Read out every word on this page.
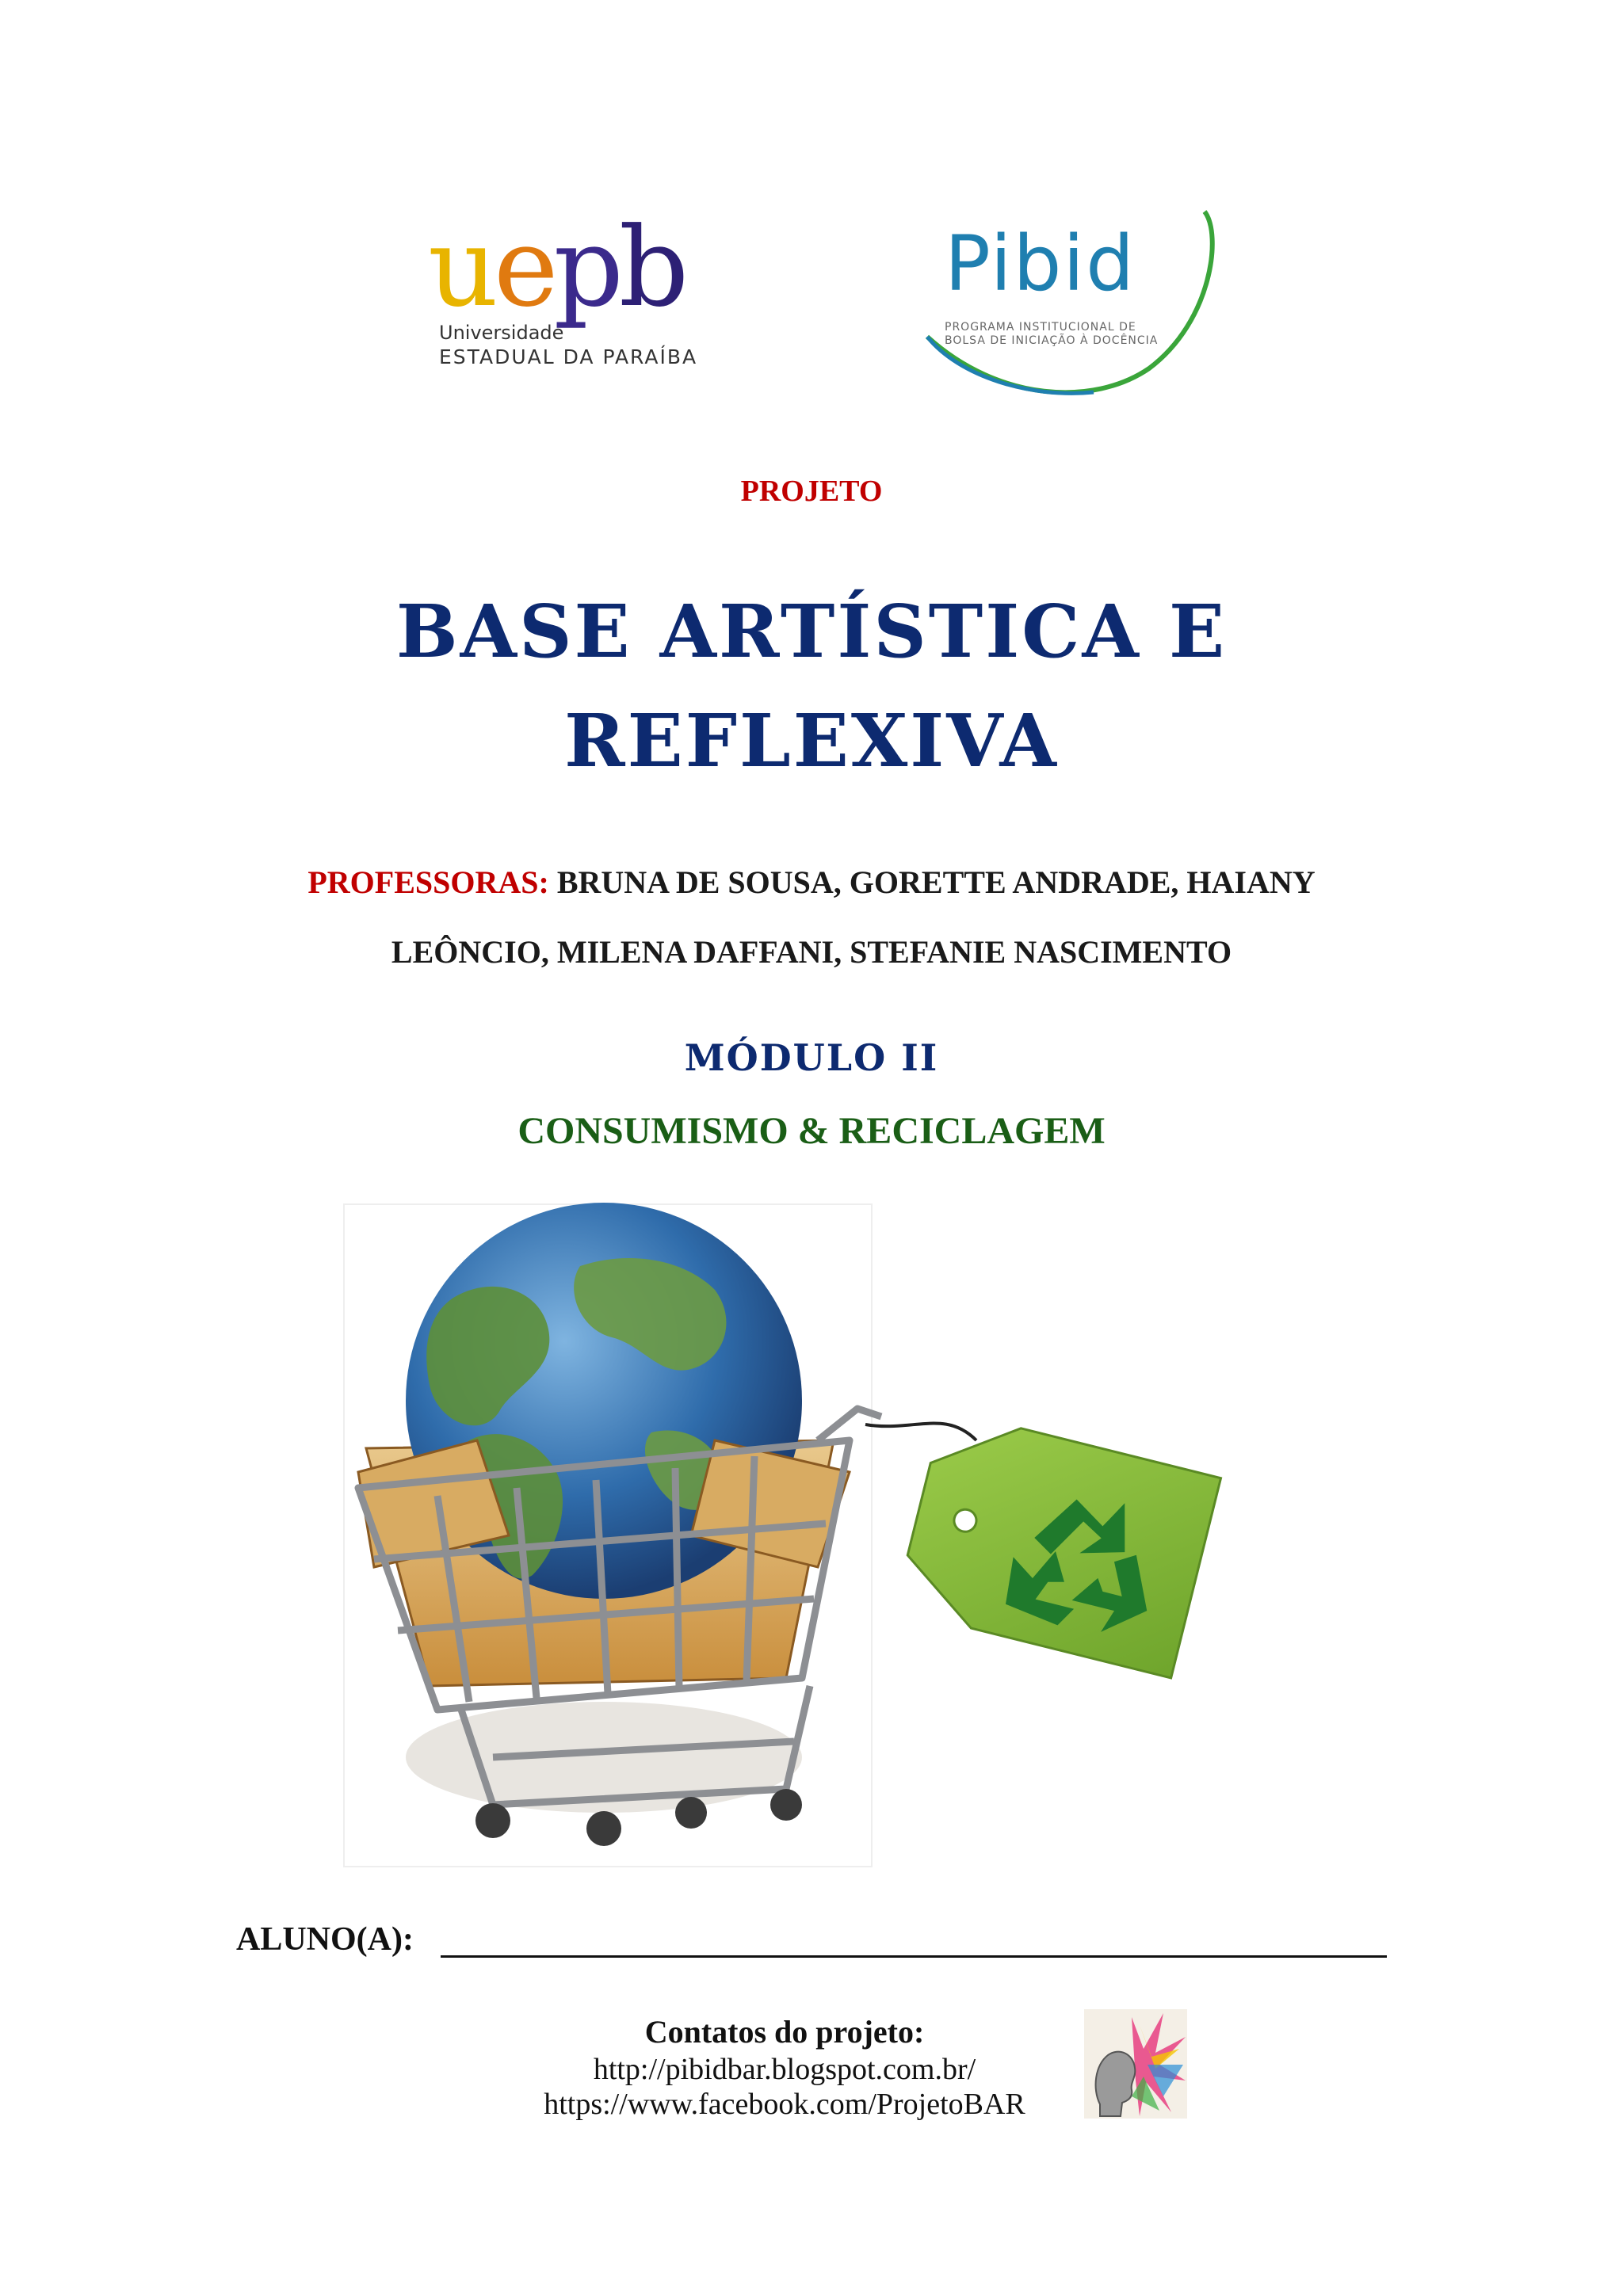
uepb
Universidade
ESTADUAL DA PARAÍBA
Pibid
PROGRAMA INSTITUCIONAL DE
BOLSA DE INICIAÇÃO À DOCÊNCIA
PROJETO
BASE ARTÍSTICA E
REFLEXIVA
PROFESSORAS: BRUNA DE SOUSA, GORETTE ANDRADE, HAIANY
LEÔNCIO, MILENA DAFFANI, STEFANIE NASCIMENTO
MÓDULO II
CONSUMISMO & RECICLAGEM
ALUNO(A):
Contatos do projeto:
http://pibidbar.blogspot.com.br/
https://www.facebook.com/ProjetoBAR
